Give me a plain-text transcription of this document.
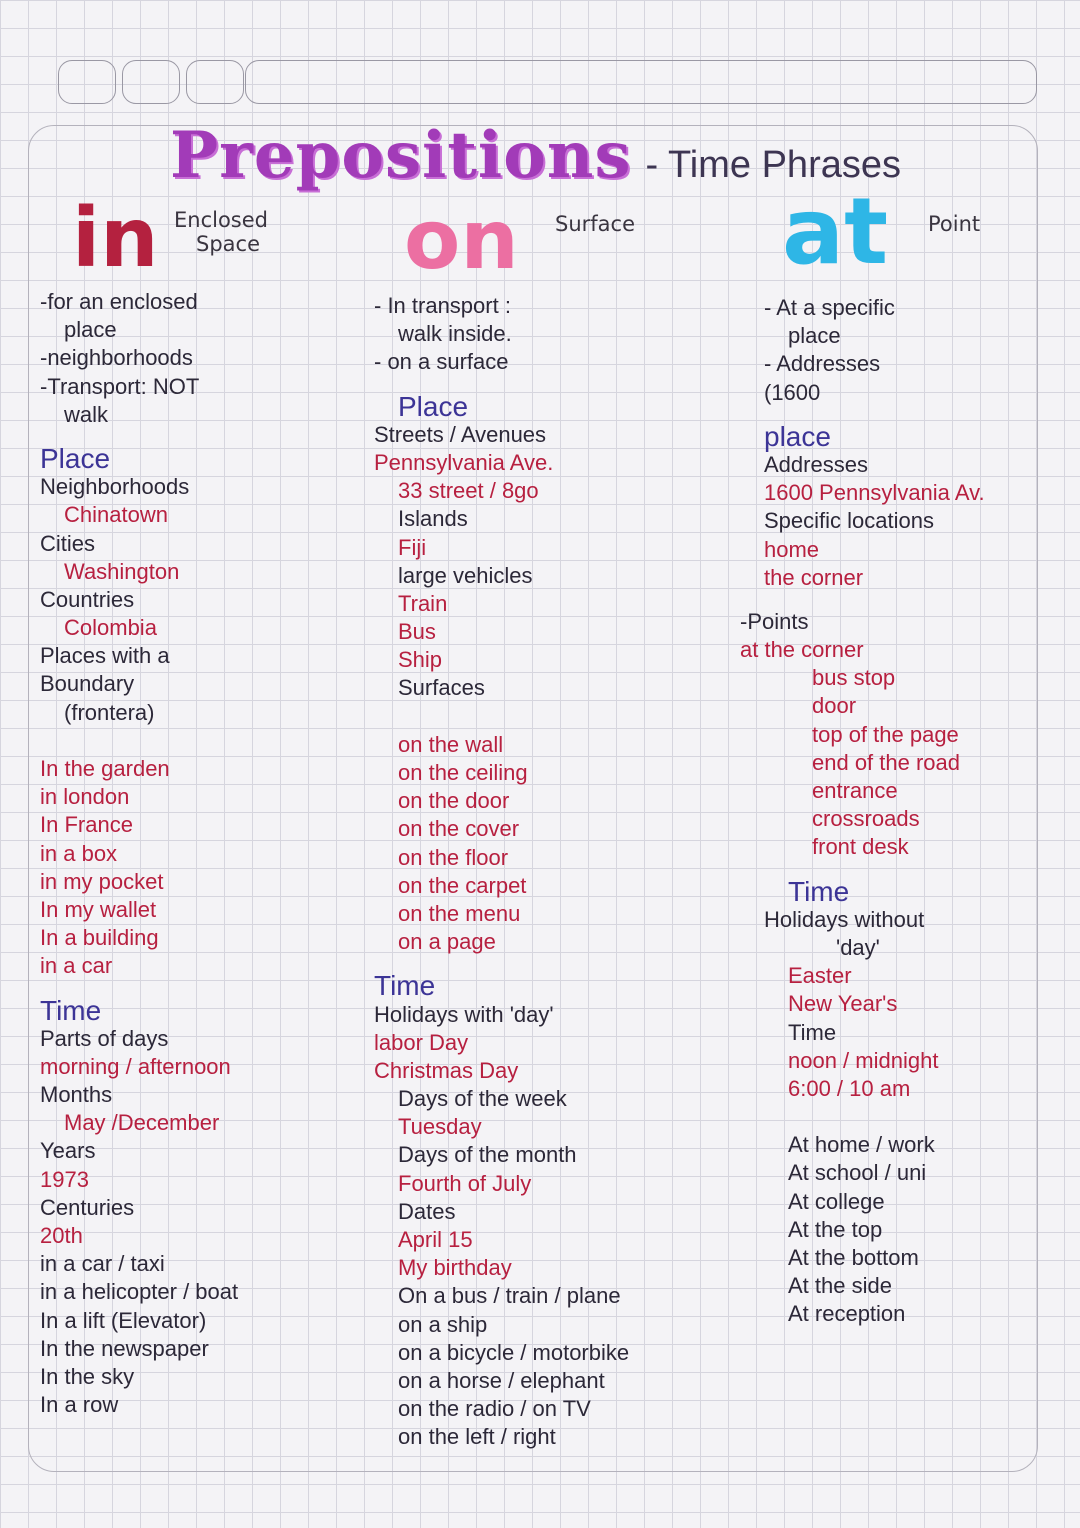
Prepositions - Time Phrases
in Enclosed
Space on Surface at Point
-for an enclosed
place
-neighborhoods
-Transport: NOT
walk
Place
Neighborhoods
Chinatown
Cities
Washington
Countries
Colombia
Places with a
Boundary
(frontera)
In the garden
in london
In France
in a box
in my pocket
In my wallet
In a building
in a car
Time
Parts of days
morning / afternoon
Months
May /December
Years
1973
Centuries
20th
in a car / taxi
in a helicopter / boat
In a lift (Elevator)
In the newspaper
In the sky
In a row
- In transport :
walk inside.
- on a surface
Place
Streets / Avenues
Pennsylvania Ave.
33 street / 8go
Islands
Fiji
large vehicles
Train
Bus
Ship
Surfaces
on the wall
on the ceiling
on the door
on the cover
on the floor
on the carpet
on the menu
on a page
Time
Holidays with 'day'
labor Day
Christmas Day
Days of the week
Tuesday
Days of the month
Fourth of July
Dates
April 15
My birthday
On a bus / train / plane
on a ship
on a bicycle / motorbike
on a horse / elephant
on the radio / on TV
on the left / right
- At a specific
place
- Addresses
(1600
place
Addresses
1600 Pennsylvania Av.
Specific locations
home
the corner
-Points
at the corner
bus stop
door
top of the page
end of the road
entrance
crossroads
front desk
Time
Holidays without
'day'
Easter
New Year's
Time
noon / midnight
6:00 / 10 am
At home / work
At school / uni
At college
At the top
At the bottom
At the side
At reception
